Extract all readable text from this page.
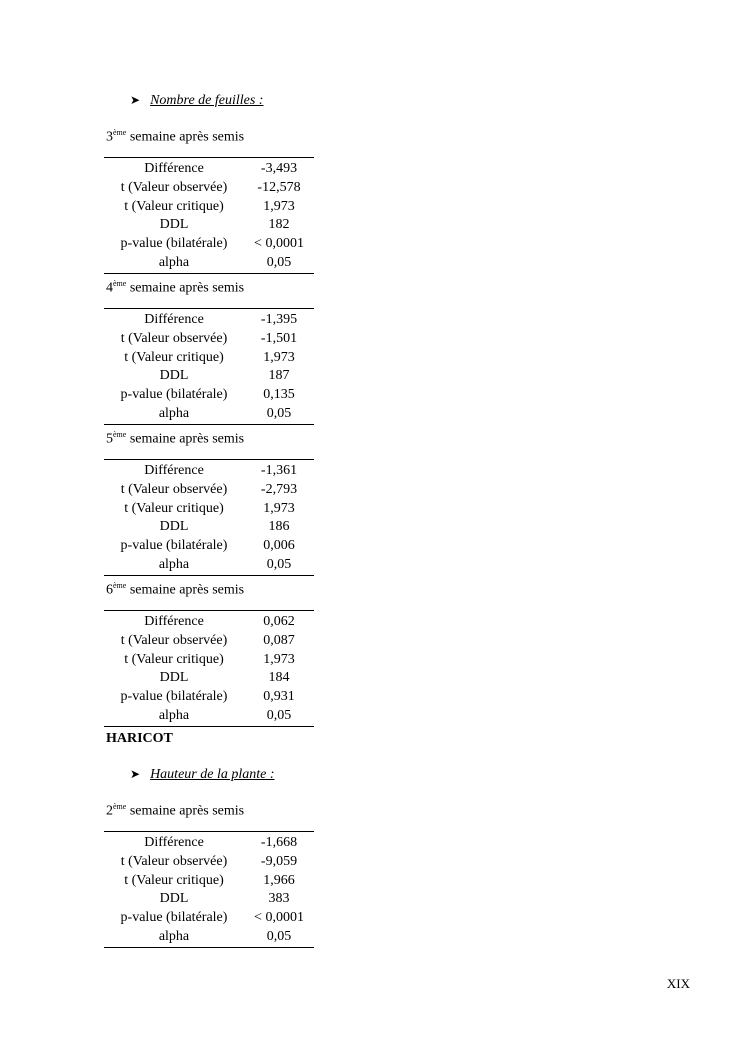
➤ Nombre de feuilles :
3ème semaine après semis
Différence	-3,493
t (Valeur observée)	-12,578
t (Valeur critique)	1,973
DDL	182
p-value (bilatérale)	< 0,0001
alpha	0,05
4ème semaine après semis
Différence	-1,395
t (Valeur observée)	-1,501
t (Valeur critique)	1,973
DDL	187
p-value (bilatérale)	0,135
alpha	0,05
5ème semaine après semis
Différence	-1,361
t (Valeur observée)	-2,793
t (Valeur critique)	1,973
DDL	186
p-value (bilatérale)	0,006
alpha	0,05
6ème semaine après semis
Différence	0,062
t (Valeur observée)	0,087
t (Valeur critique)	1,973
DDL	184
p-value (bilatérale)	0,931
alpha	0,05
HARICOT
➤ Hauteur de la plante :
2ème semaine après semis
Différence	-1,668
t (Valeur observée)	-9,059
t (Valeur critique)	1,966
DDL	383
p-value (bilatérale)	< 0,0001
alpha	0,05
XIX
